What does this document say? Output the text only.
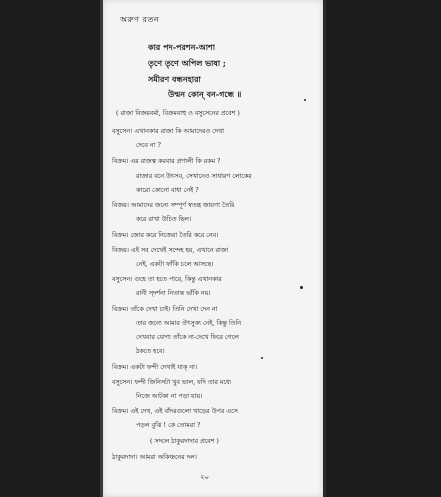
অরুণ রতন
কার পদ-পরশন-আশা
তৃণে তৃণে অপিল ভাষা ;
সমীরণ বন্ধনহারা
উন্মন কোন্ বন-গন্ধে ॥
( রাজা বিজয়বর্মা, বিক্রমবাহু ও বসুসেনের প্রবেশ )
বসুসেন। এখানকার রাজা কি আমাদেরও দেখা
দেবে না ?
বিক্রম। এর রাজত্ব করবার প্রণালী কি রকম ?
রাজার বনে উৎসব, সেখানেও সাধারণ লোকের
কারো কোনো বাধা নেই ?
বিজয়। আমাদের জন্যে সম্পূর্ণ স্বতন্ত্র জায়গা তৈরি
করে রাখা উচিত ছিল।
বিক্রম। জোর করে নিজেরা তৈরি করে নেব।
বিজয়। এই সব দেখেই সন্দেহ হয়, এখানে রাজা
নেই, একটা ফাঁকি চলে আসছে।
বসুসেন। গুহে তা হতে পারে, কিন্তু এখানকার
রানী স্দর্শনা নিতান্ত ভাঁকি নয়।
বিক্রম। তাঁকে দেখা চাই। তিনি দেখা দেন না
তার জন্যে আমার ঔৎসুক্য নেই, কিন্তু তিনি
দেখবার যোগ্য তাঁকে না-দেখে ফিরে গেলে
ঠকতে হবে।
বিক্রম। একটা ফন্দী দেখাই যাক্ না।
বসুসেন। ফন্দী জিনিসটা খুব ভাল, যদি তার মধ্যে
নিজে আটকা না পড়া যায়।
বিক্রম। এই দেখ, এই বাঁদরগুলো খাড়ের উপর এসে
পড়ল বুঝি ! কে তোমরা ?
( সদলে ঠাকুরদাদার প্রবেশ )
ঠাকুরদাদা। আমরা অকিঞ্চনের দল।
২০
